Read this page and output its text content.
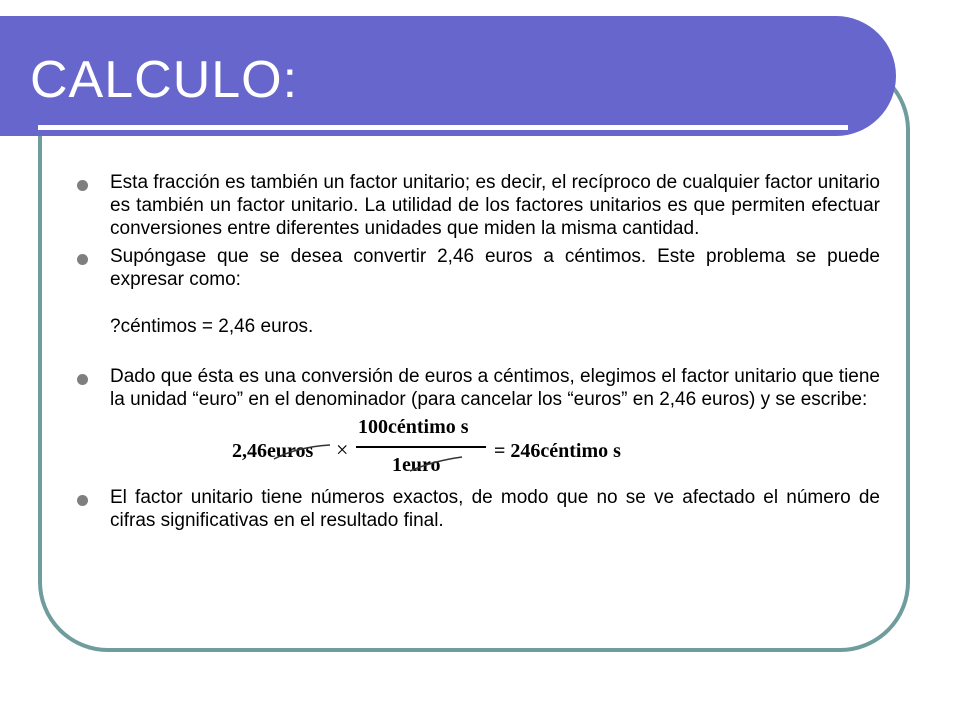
CALCULO:
Esta fracción es también un factor unitario; es decir, el recíproco de cualquier factor unitario es también un factor unitario. La utilidad de los factores unitarios es que permiten efectuar conversiones entre diferentes unidades que miden la misma cantidad.
Supóngase que se desea convertir 2,46 euros a céntimos. Este problema se puede expresar como:
?céntimos = 2,46 euros.
Dado que ésta es una conversión de euros a céntimos, elegimos el factor unitario que tiene la unidad “euro” en el denominador (para cancelar los “euros” en 2,46 euros) y se escribe:
2,46euros ×
100céntimo s
1euro
= 246céntimo s
El factor unitario tiene números exactos, de modo que no se ve afectado el número de cifras significativas en el resultado final.
